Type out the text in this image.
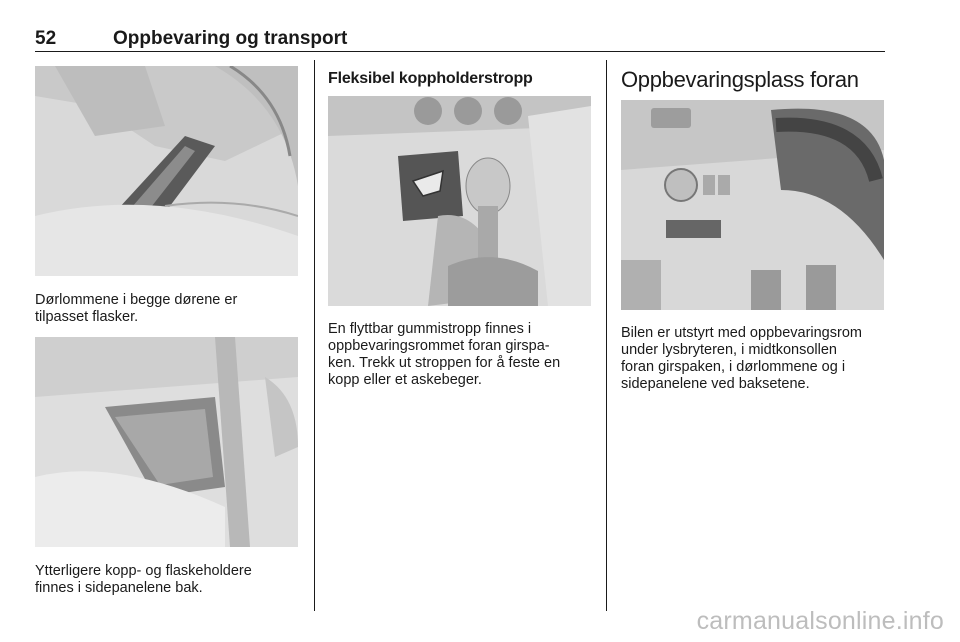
52	Oppbevaring og transport

Dørlommene i begge dørene er
tilpasset flasker.

Ytterligere kopp- og flaskeholdere
finnes i sidepanelene bak.

Fleksibel koppholderstropp

En flyttbar gummistropp finnes i
oppbevaringsrommet foran girspa-
ken. Trekk ut stroppen for å feste en
kopp eller et askebeger.

Oppbevaringsplass foran

Bilen er utstyrt med oppbevaringsrom
under lysbryteren, i midtkonsollen
foran girspaken, i dørlommene og i
sidepanelene ved baksetene.

carmanualsonline.info
